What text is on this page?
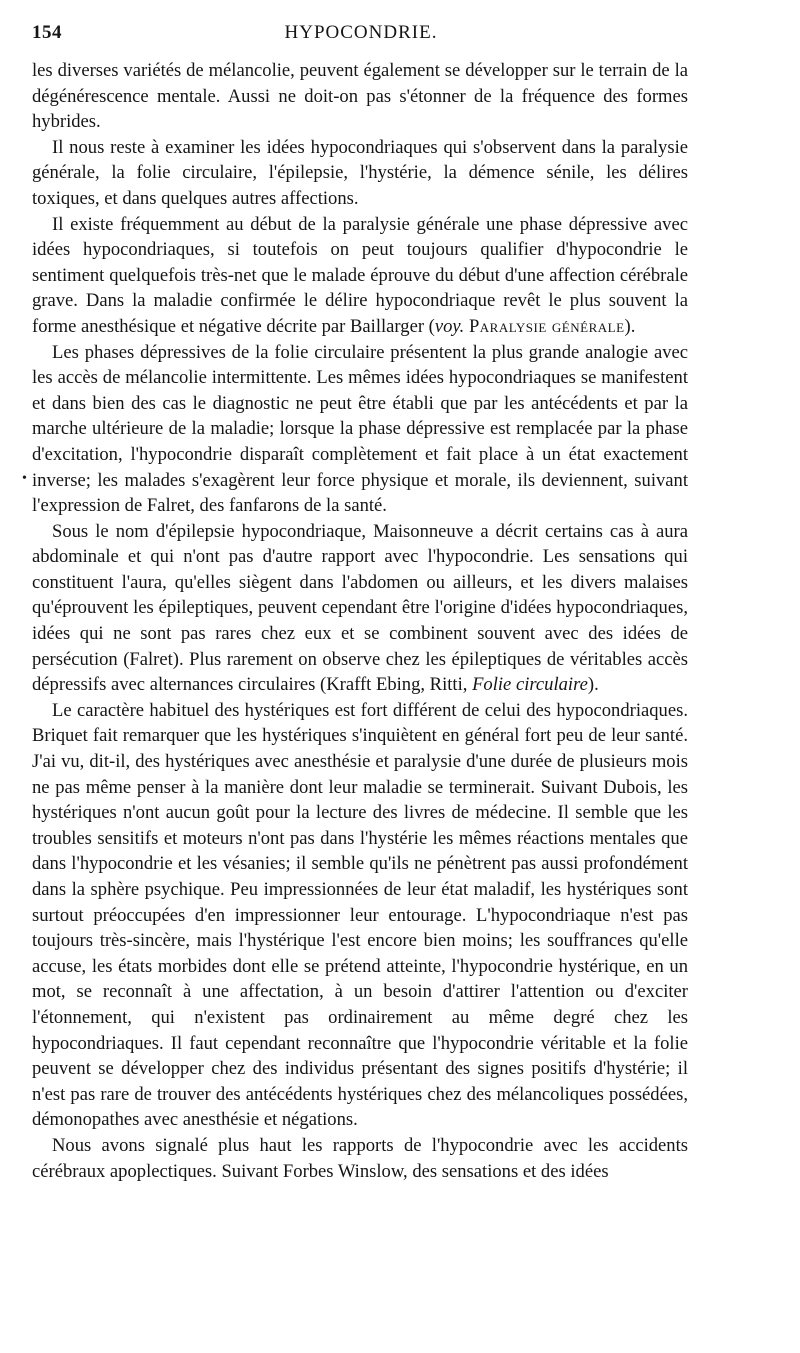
154	HYPOCONDRIE.
•

les diverses variétés de mélancolie, peuvent également se développer sur le terrain de la dégénérescence mentale. Aussi ne doit-on pas s'étonner de la fréquence des formes hybrides.

Il nous reste à examiner les idées hypocondriaques qui s'observent dans la paralysie générale, la folie circulaire, l'épilepsie, l'hystérie, la démence sénile, les délires toxiques, et dans quelques autres affections.

Il existe fréquemment au début de la paralysie générale une phase dépressive avec idées hypocondriaques, si toutefois on peut toujours qualifier d'hypocondrie le sentiment quelquefois très-net que le malade éprouve du début d'une affection cérébrale grave. Dans la maladie confirmée le délire hypocondriaque revêt le plus souvent la forme anesthésique et négative décrite par Baillarger (voy. Paralysie générale).

Les phases dépressives de la folie circulaire présentent la plus grande analogie avec les accès de mélancolie intermittente. Les mêmes idées hypocondriaques se manifestent et dans bien des cas le diagnostic ne peut être établi que par les antécédents et par la marche ultérieure de la maladie; lorsque la phase dépressive est remplacée par la phase d'excitation, l'hypocondrie disparaît complètement et fait place à un état exactement inverse; les malades s'exagèrent leur force physique et morale, ils deviennent, suivant l'expression de Falret, des fanfarons de la santé.

Sous le nom d'épilepsie hypocondriaque, Maisonneuve a décrit certains cas à aura abdominale et qui n'ont pas d'autre rapport avec l'hypocondrie. Les sensations qui constituent l'aura, qu'elles siègent dans l'abdomen ou ailleurs, et les divers malaises qu'éprouvent les épileptiques, peuvent cependant être l'origine d'idées hypocondriaques, idées qui ne sont pas rares chez eux et se combinent souvent avec des idées de persécution (Falret). Plus rarement on observe chez les épileptiques de véritables accès dépressifs avec alternances circulaires (Krafft Ebing, Ritti, Folie circulaire).

Le caractère habituel des hystériques est fort différent de celui des hypocondriaques. Briquet fait remarquer que les hystériques s'inquiètent en général fort peu de leur santé. J'ai vu, dit-il, des hystériques avec anesthésie et paralysie d'une durée de plusieurs mois ne pas même penser à la manière dont leur maladie se terminerait. Suivant Dubois, les hystériques n'ont aucun goût pour la lecture des livres de médecine. Il semble que les troubles sensitifs et moteurs n'ont pas dans l'hystérie les mêmes réactions mentales que dans l'hypocondrie et les vésanies; il semble qu'ils ne pénètrent pas aussi profondément dans la sphère psychique. Peu impressionnées de leur état maladif, les hystériques sont surtout préoccupées d'en impressionner leur entourage. L'hypocondriaque n'est pas toujours très-sincère, mais l'hystérique l'est encore bien moins; les souffrances qu'elle accuse, les états morbides dont elle se prétend atteinte, l'hypocondrie hystérique, en un mot, se reconnaît à une affectation, à un besoin d'attirer l'attention ou d'exciter l'étonnement, qui n'existent pas ordinairement au même degré chez les hypocondriaques. Il faut cependant reconnaître que l'hypocondrie véritable et la folie peuvent se développer chez des individus présentant des signes positifs d'hystérie; il n'est pas rare de trouver des antécédents hystériques chez des mélancoliques possédées, démonopathes avec anesthésie et négations.

Nous avons signalé plus haut les rapports de l'hypocondrie avec les accidents cérébraux apoplectiques. Suivant Forbes Winslow, des sensations et des idées
